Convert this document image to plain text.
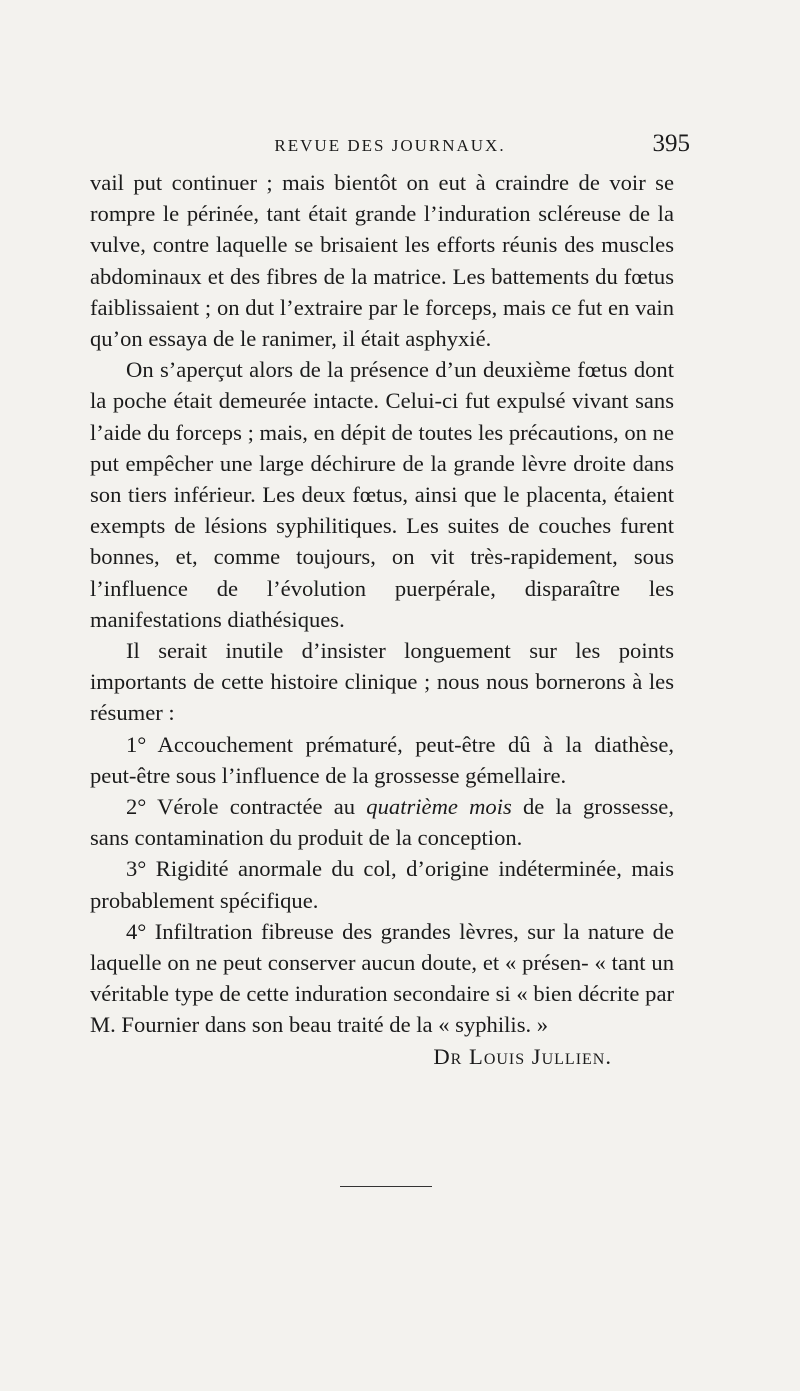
REVUE DES JOURNAUX.	395

vail put continuer ; mais bientôt on eut à craindre de voir se rompre le périnée, tant était grande l’induration scléreuse de la vulve, contre laquelle se brisaient les efforts réunis des muscles abdominaux et des fibres de la matrice. Les battements du fœtus faiblissaient ; on dut l’extraire par le forceps, mais ce fut en vain qu’on essaya de le ranimer, il était asphyxié.

On s’aperçut alors de la présence d’un deuxième fœtus dont la poche était demeurée intacte. Celui-ci fut expulsé vivant sans l’aide du forceps ; mais, en dépit de toutes les précautions, on ne put empêcher une large déchirure de la grande lèvre droite dans son tiers inférieur. Les deux fœtus, ainsi que le placenta, étaient exempts de lésions syphilitiques. Les suites de couches furent bonnes, et, comme toujours, on vit très-rapidement, sous l’influence de l’évolution puerpérale, disparaître les manifestations diathésiques.

Il serait inutile d’insister longuement sur les points importants de cette histoire clinique ; nous nous bornerons à les résumer :

1° Accouchement prématuré, peut-être dû à la diathèse, peut-être sous l’influence de la grossesse gémellaire.

2° Vérole contractée au quatrième mois de la grossesse, sans contamination du produit de la conception.

3° Rigidité anormale du col, d’origine indéterminée, mais probablement spécifique.

4° Infiltration fibreuse des grandes lèvres, sur la nature de laquelle on ne peut conserver aucun doute, et « présen- « tant un véritable type de cette induration secondaire si « bien décrite par M. Fournier dans son beau traité de la « syphilis. »

Dr Louis Jullien.
